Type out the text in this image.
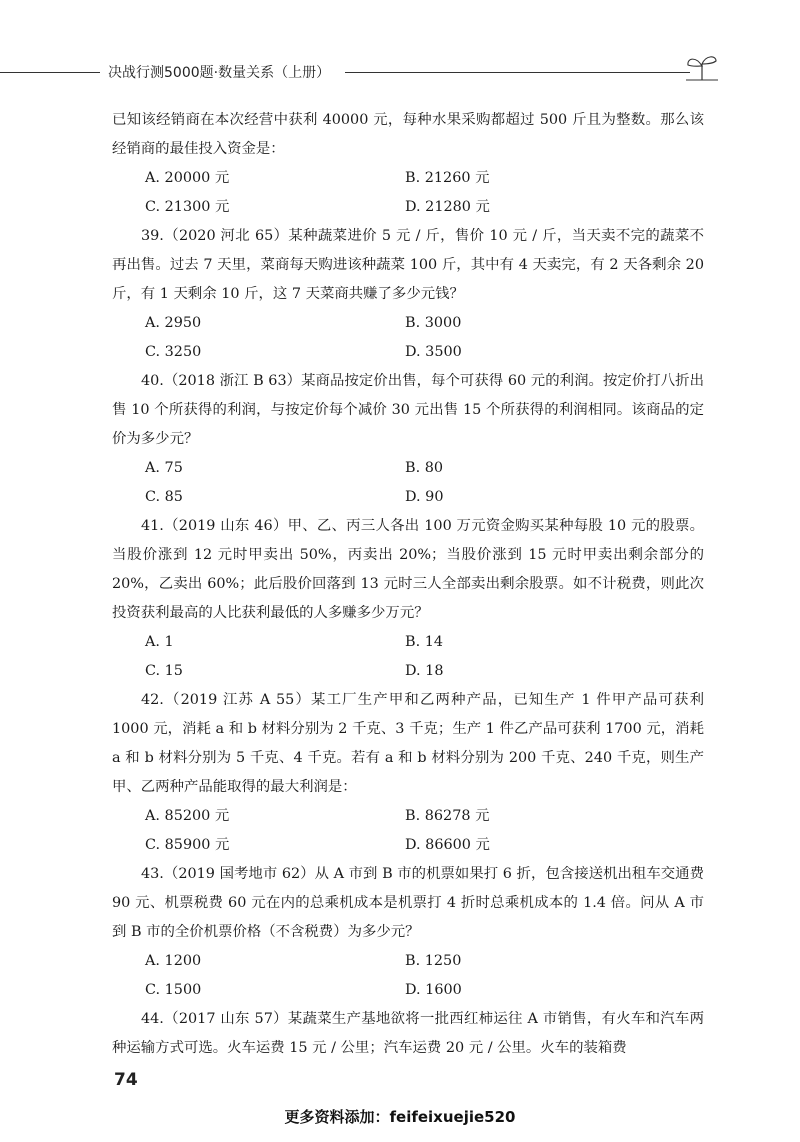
决战行测5000题·数量关系（上册）

已知该经销商在本次经营中获利 40000 元，每种水果采购都超过 500 斤且为整数。那么该经销商的最佳投入资金是：

A. 20000 元	B. 21260 元
C. 21300 元	D. 21280 元

39.（2020 河北 65）某种蔬菜进价 5 元 / 斤，售价 10 元 / 斤，当天卖不完的蔬菜不再出售。过去 7 天里，菜商每天购进该种蔬菜 100 斤，其中有 4 天卖完，有 2 天各剩余 20 斤，有 1 天剩余 10 斤，这 7 天菜商共赚了多少元钱？

A. 2950	B. 3000
C. 3250	D. 3500

40.（2018 浙江 B 63）某商品按定价出售，每个可获得 60 元的利润。按定价打八折出售 10 个所获得的利润，与按定价每个减价 30 元出售 15 个所获得的利润相同。该商品的定价为多少元？

A. 75	B. 80
C. 85	D. 90

41.（2019 山东 46）甲、乙、丙三人各出 100 万元资金购买某种每股 10 元的股票。当股价涨到 12 元时甲卖出 50%，丙卖出 20%；当股价涨到 15 元时甲卖出剩余部分的 20%，乙卖出 60%；此后股价回落到 13 元时三人全部卖出剩余股票。如不计税费，则此次投资获利最高的人比获利最低的人多赚多少万元？

A. 1	B. 14
C. 15	D. 18

42.（2019 江苏 A 55）某工厂生产甲和乙两种产品，已知生产 1 件甲产品可获利 1000 元，消耗 a 和 b 材料分别为 2 千克、3 千克；生产 1 件乙产品可获利 1700 元，消耗 a 和 b 材料分别为 5 千克、4 千克。若有 a 和 b 材料分别为 200 千克、240 千克，则生产甲、乙两种产品能取得的最大利润是：

A. 85200 元	B. 86278 元
C. 85900 元	D. 86600 元

43.（2019 国考地市 62）从 A 市到 B 市的机票如果打 6 折，包含接送机出租车交通费 90 元、机票税费 60 元在内的总乘机成本是机票打 4 折时总乘机成本的 1.4 倍。问从 A 市到 B 市的全价机票价格（不含税费）为多少元？

A. 1200	B. 1250
C. 1500	D. 1600

44.（2017 山东 57）某蔬菜生产基地欲将一批西红柿运往 A 市销售，有火车和汽车两种运输方式可选。火车运费 15 元 / 公里；汽车运费 20 元 / 公里。火车的装箱费

74
更多资料添加：feifeixuejie520
